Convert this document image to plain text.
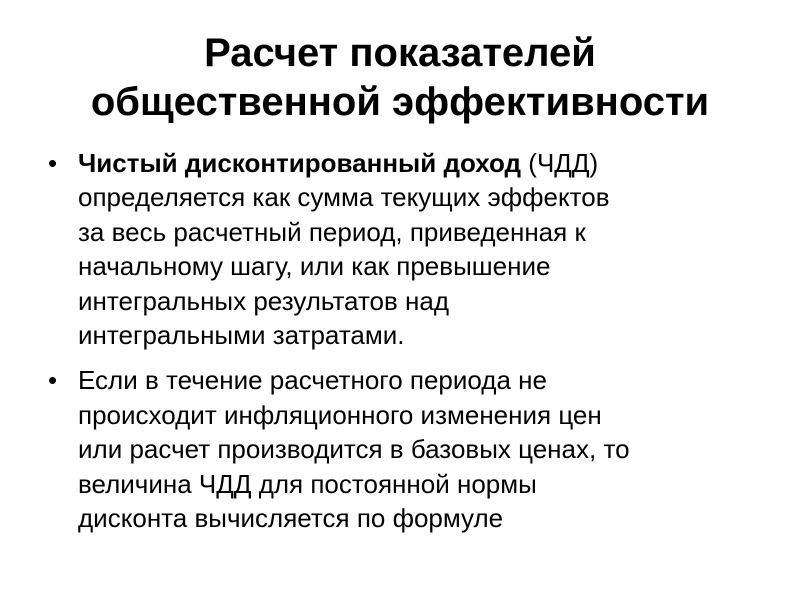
Расчет показателей
общественной эффективности
• Чистый дисконтированный доход (ЧДД)
определяется как сумма текущих эффектов
за весь расчетный период, приведенная к
начальному шагу, или как превышение
интегральных результатов над
интегральными затратами.
• Если в течение расчетного периода не
происходит инфляционного изменения цен
или расчет производится в базовых ценах, то
величина ЧДД для постоянной нормы
дисконта вычисляется по формуле
